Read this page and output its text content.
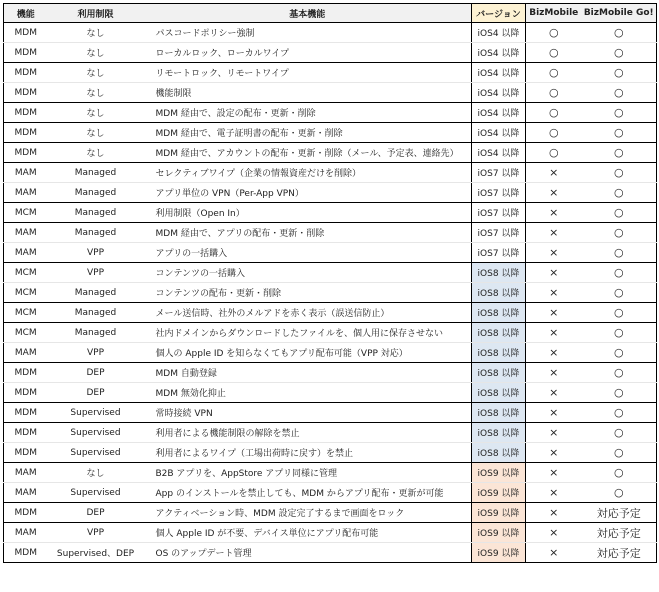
機能	利用制限	基本機能	バージョン	BizMobile	BizMobile Go!
MDM	なし	パスコードポリシー強制	iOS4 以降	○	○
MDM	なし	ローカルロック、ローカルワイプ	iOS4 以降	○	○
MDM	なし	リモートロック、リモートワイプ	iOS4 以降	○	○
MDM	なし	機能制限	iOS4 以降	○	○
MDM	なし	MDM 経由で、設定の配布・更新・削除	iOS4 以降	○	○
MDM	なし	MDM 経由で、電子証明書の配布・更新・削除	iOS4 以降	○	○
MDM	なし	MDM 経由で、アカウントの配布・更新・削除（メール、予定表、連絡先）	iOS4 以降	○	○
MAM	Managed	セレクティブワイプ（企業の情報資産だけを削除）	iOS7 以降	×	○
MAM	Managed	アプリ単位の VPN（Per-App VPN）	iOS7 以降	×	○
MCM	Managed	利用制限（Open In）	iOS7 以降	×	○
MAM	Managed	MDM 経由で、アプリの配布・更新・削除	iOS7 以降	×	○
MAM	VPP	アプリの一括購入	iOS7 以降	×	○
MCM	VPP	コンテンツの一括購入	iOS8 以降	×	○
MCM	Managed	コンテンツの配布・更新・削除	iOS8 以降	×	○
MCM	Managed	メール送信時、社外のメルアドを赤く表示（誤送信防止）	iOS8 以降	×	○
MCM	Managed	社内ドメインからダウンロードしたファイルを、個人用に保存させない	iOS8 以降	×	○
MAM	VPP	個人の Apple ID を知らなくてもアプリ配布可能（VPP 対応）	iOS8 以降	×	○
MDM	DEP	MDM 自動登録	iOS8 以降	×	○
MDM	DEP	MDM 無効化抑止	iOS8 以降	×	○
MDM	Supervised	常時接続 VPN	iOS8 以降	×	○
MDM	Supervised	利用者による機能制限の解除を禁止	iOS8 以降	×	○
MDM	Supervised	利用者によるワイプ（工場出荷時に戻す）を禁止	iOS8 以降	×	○
MAM	なし	B2B アプリを、AppStore アプリ同様に管理	iOS9 以降	×	○
MAM	Supervised	App のインストールを禁止しても、MDM からアプリ配布・更新が可能	iOS9 以降	×	○
MDM	DEP	アクティベーション時、MDM 設定完了するまで画面をロック	iOS9 以降	×	対応予定
MAM	VPP	個人 Apple ID が不要、デバイス単位にアプリ配布可能	iOS9 以降	×	対応予定
MDM	Supervised、DEP	OS のアップデート管理	iOS9 以降	×	対応予定
